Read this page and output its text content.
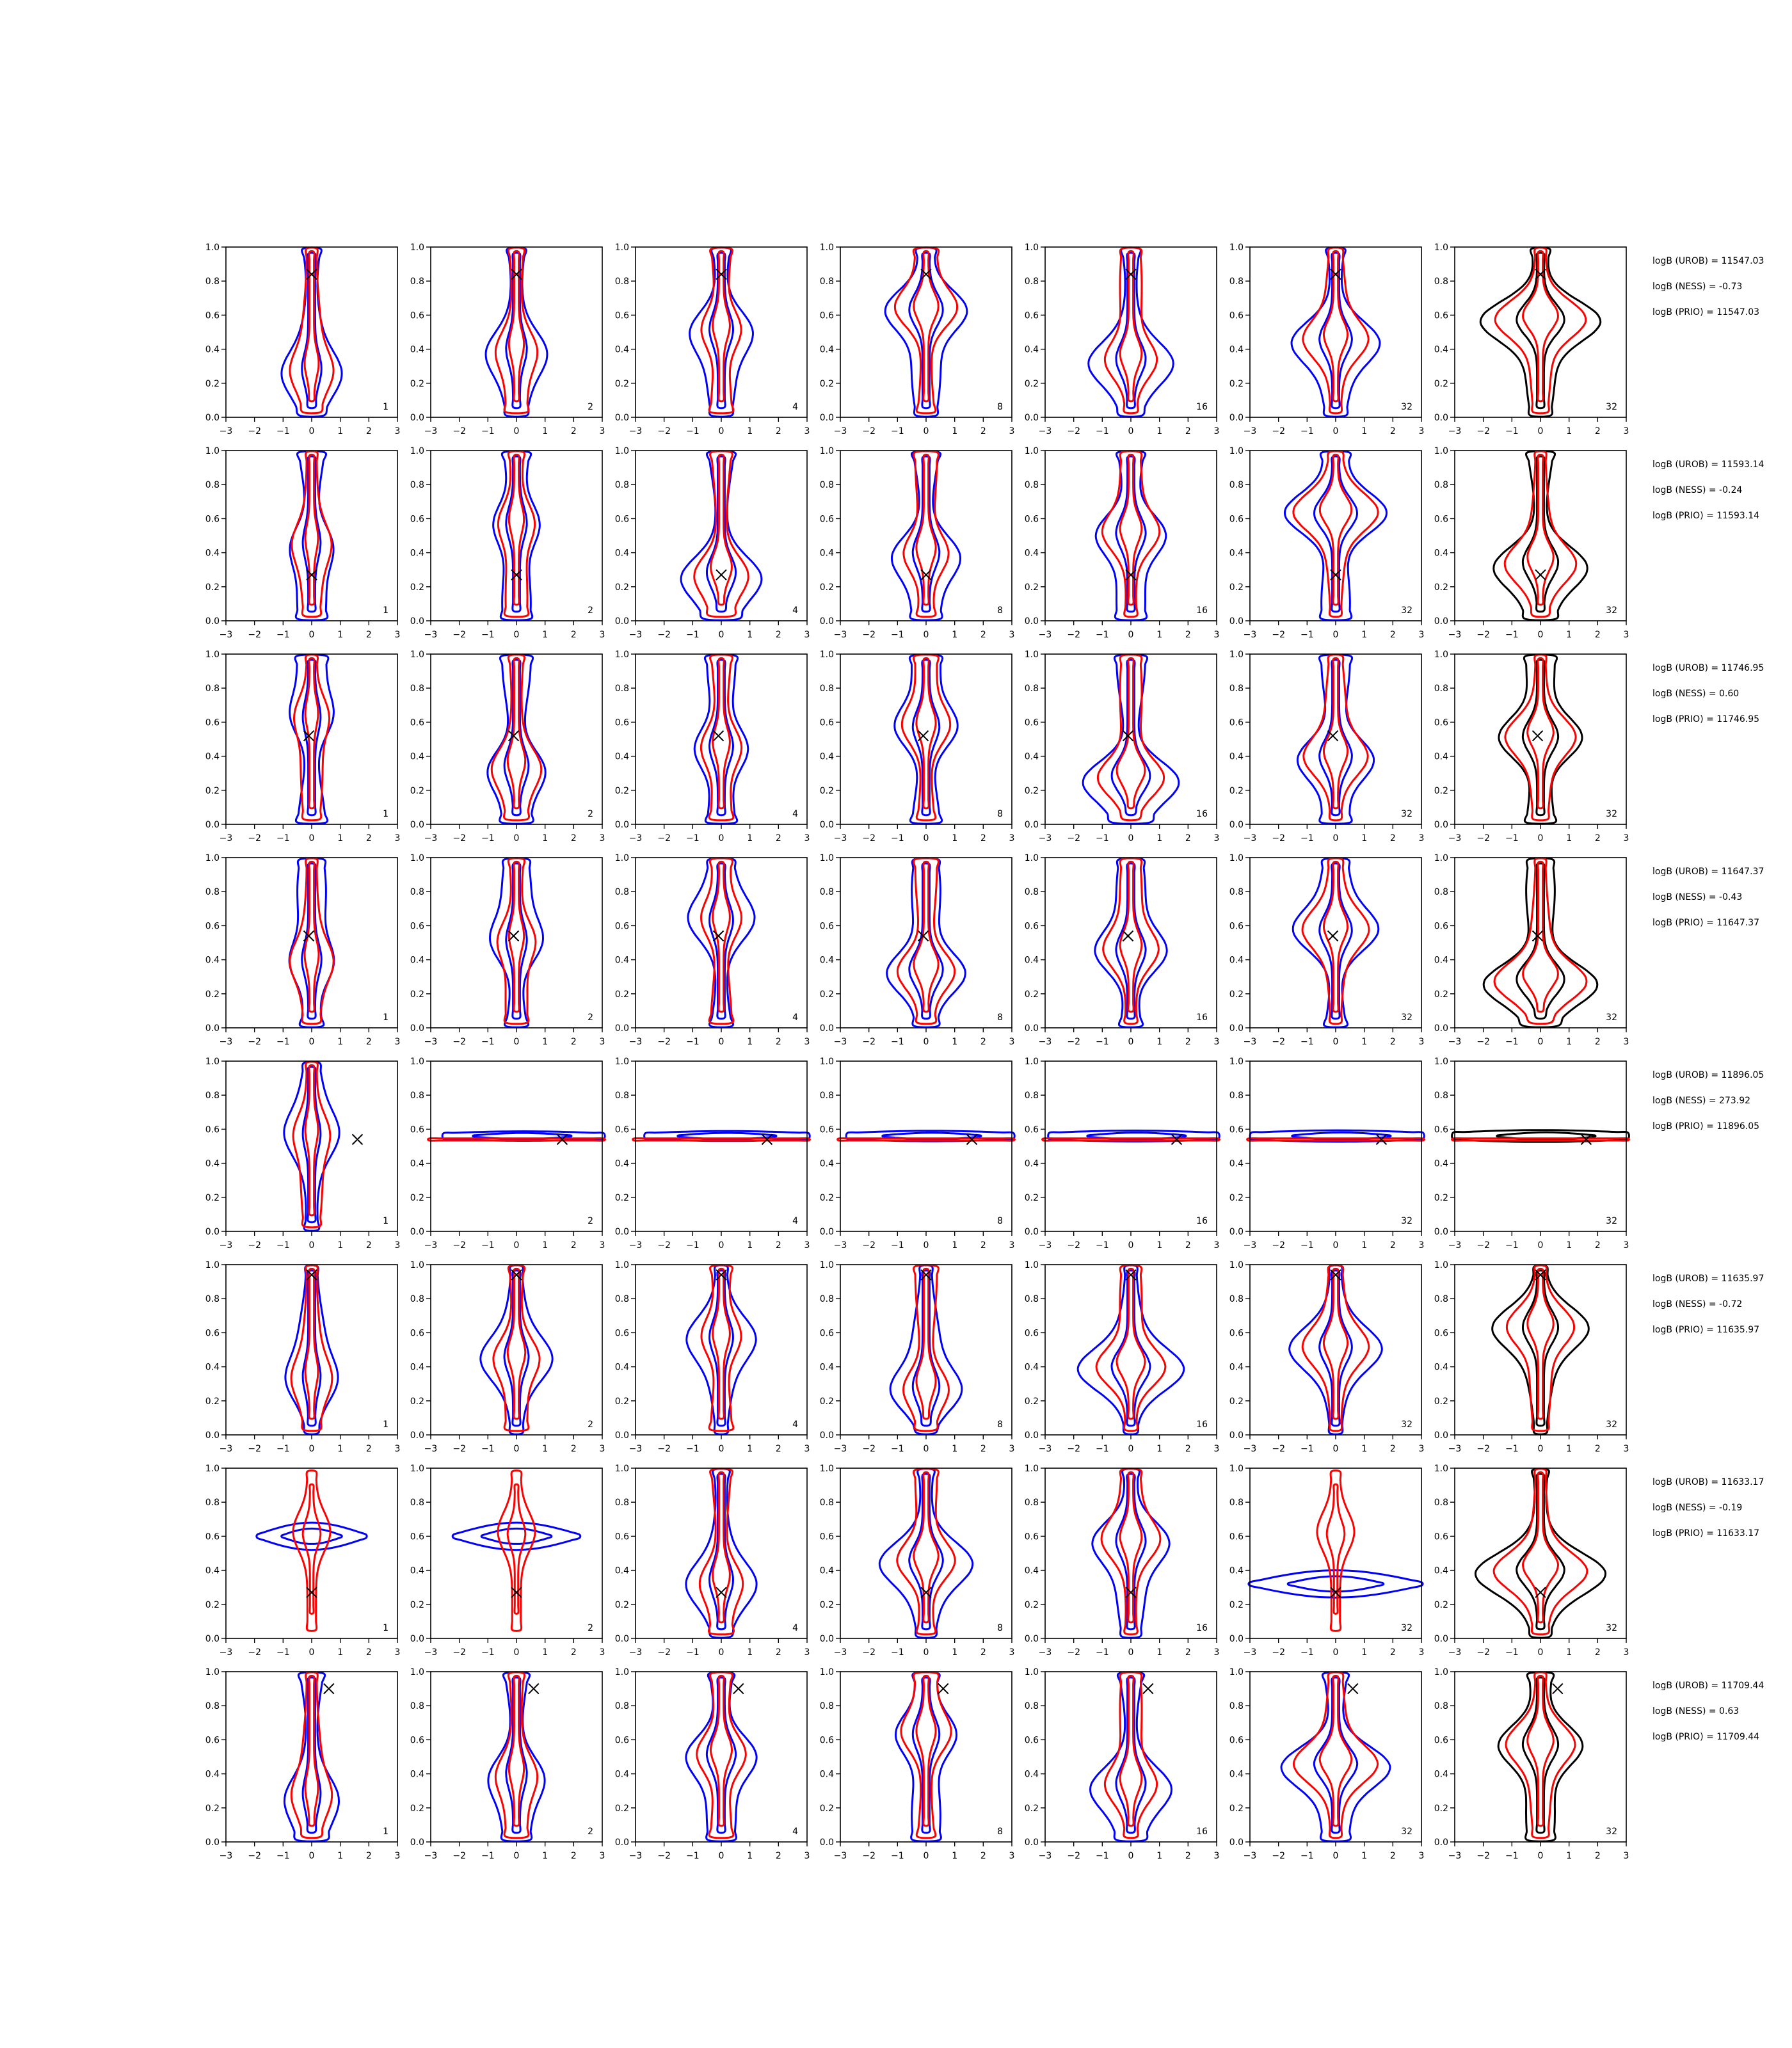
−3 −2 −1 0	1	2	3
0.0
0.2
0.4
0.6
0.8
1.0
1
−3 −2 −1 0	1	2	3
0.0
0.2
0.4
0.6
0.8
1.0
2
−3 −2 −1 0	1	2	3
0.0
0.2
0.4
0.6
0.8
1.0
4
−3 −2 −1 0	1	2	3
0.0
0.2
0.4
0.6
0.8
1.0
8
−3 −2 −1 0	1	2	3
0.0
0.2
0.4
0.6
0.8
1.0
16
−3 −2 −1 0	1	2	3
0.0
0.2
0.4
0.6
0.8
1.0
32
−3 −2 −1 0	1	2	3
0.0
0.2
0.4
0.6
0.8
1.0
32
logB (UROB) = 11547.03
logB (NESS) = -0.73
logB (PRIO) = 11547.03
−3 −2 −1 0	1	2	3
0.0
0.2
0.4
0.6
0.8
1.0
1
−3 −2 −1 0	1	2	3
0.0
0.2
0.4
0.6
0.8
1.0
2
−3 −2 −1 0	1	2	3
0.0
0.2
0.4
0.6
0.8
1.0
4
−3 −2 −1 0	1	2	3
0.0
0.2
0.4
0.6
0.8
1.0
8
−3 −2 −1 0	1	2	3
0.0
0.2
0.4
0.6
0.8
1.0
16
−3 −2 −1 0	1	2	3
0.0
0.2
0.4
0.6
0.8
1.0
32
−3 −2 −1 0	1	2	3
0.0
0.2
0.4
0.6
0.8
1.0
32
logB (UROB) = 11593.14
logB (NESS) = -0.24
logB (PRIO) = 11593.14
−3 −2 −1 0	1	2	3
0.0
0.2
0.4
0.6
0.8
1.0
1
−3 −2 −1 0	1	2	3
0.0
0.2
0.4
0.6
0.8
1.0
2
−3 −2 −1 0	1	2	3
0.0
0.2
0.4
0.6
0.8
1.0
4
−3 −2 −1 0	1	2	3
0.0
0.2
0.4
0.6
0.8
1.0
8
−3 −2 −1 0	1	2	3
0.0
0.2
0.4
0.6
0.8
1.0
16
−3 −2 −1 0	1	2	3
0.0
0.2
0.4
0.6
0.8
1.0
32
−3 −2 −1 0	1	2	3
0.0
0.2
0.4
0.6
0.8
1.0
32
logB (UROB) = 11746.95
logB (NESS) = 0.60
logB (PRIO) = 11746.95
−3 −2 −1 0	1	2	3
0.0
0.2
0.4
0.6
0.8
1.0
1
−3 −2 −1 0	1	2	3
0.0
0.2
0.4
0.6
0.8
1.0
2
−3 −2 −1 0	1	2	3
0.0
0.2
0.4
0.6
0.8
1.0
4
−3 −2 −1 0	1	2	3
0.0
0.2
0.4
0.6
0.8
1.0
8
−3 −2 −1 0	1	2	3
0.0
0.2
0.4
0.6
0.8
1.0
16
−3 −2 −1 0	1	2	3
0.0
0.2
0.4
0.6
0.8
1.0
32
−3 −2 −1 0	1	2	3
0.0
0.2
0.4
0.6
0.8
1.0
32
logB (UROB) = 11647.37
logB (NESS) = -0.43
logB (PRIO) = 11647.37
−3 −2 −1 0	1	2	3
0.0
0.2
0.4
0.6
0.8
1.0
1
−3 −2 −1 0	1	2	3
0.0
0.2
0.4
0.6
0.8
1.0
2
−3 −2 −1 0	1	2	3
0.0
0.2
0.4
0.6
0.8
1.0
4
−3 −2 −1 0	1	2	3
0.0
0.2
0.4
0.6
0.8
1.0
8
−3 −2 −1 0	1	2	3
0.0
0.2
0.4
0.6
0.8
1.0
16
−3 −2 −1 0	1	2	3
0.0
0.2
0.4
0.6
0.8
1.0
32
−3 −2 −1 0	1	2	3
0.0
0.2
0.4
0.6
0.8
1.0
32
logB (UROB) = 11896.05
logB (NESS) = 273.92
logB (PRIO) = 11896.05
−3 −2 −1 0	1	2	3
0.0
0.2
0.4
0.6
0.8
1.0
1
−3 −2 −1 0	1	2	3
0.0
0.2
0.4
0.6
0.8
1.0
2
−3 −2 −1 0	1	2	3
0.0
0.2
0.4
0.6
0.8
1.0
4
−3 −2 −1 0	1	2	3
0.0
0.2
0.4
0.6
0.8
1.0
8
−3 −2 −1 0	1	2	3
0.0
0.2
0.4
0.6
0.8
1.0
16
−3 −2 −1 0	1	2	3
0.0
0.2
0.4
0.6
0.8
1.0
32
−3 −2 −1 0	1	2	3
0.0
0.2
0.4
0.6
0.8
1.0
32
logB (UROB) = 11635.97
logB (NESS) = -0.72
logB (PRIO) = 11635.97
−3 −2 −1 0	1	2	3
0.0
0.2
0.4
0.6
0.8
1.0
1
−3 −2 −1 0	1	2	3
0.0
0.2
0.4
0.6
0.8
1.0
2
−3 −2 −1 0	1	2	3
0.0
0.2
0.4
0.6
0.8
1.0
4
−3 −2 −1 0	1	2	3
0.0
0.2
0.4
0.6
0.8
1.0
8
−3 −2 −1 0	1	2	3
0.0
0.2
0.4
0.6
0.8
1.0
16
−3 −2 −1 0	1	2	3
0.0
0.2
0.4
0.6
0.8
1.0
32
−3 −2 −1 0	1	2	3
0.0
0.2
0.4
0.6
0.8
1.0
32
logB (UROB) = 11633.17
logB (NESS) = -0.19
logB (PRIO) = 11633.17
−3 −2 −1 0	1	2	3
0.0
0.2
0.4
0.6
0.8
1.0
1
−3 −2 −1 0	1	2	3
0.0
0.2
0.4
0.6
0.8
1.0
2
−3 −2 −1 0	1	2	3
0.0
0.2
0.4
0.6
0.8
1.0
4
−3 −2 −1 0	1	2	3
0.0
0.2
0.4
0.6
0.8
1.0
8
−3 −2 −1 0	1	2	3
0.0
0.2
0.4
0.6
0.8
1.0
16
−3 −2 −1 0	1	2	3
0.0
0.2
0.4
0.6
0.8
1.0
32
−3 −2 −1 0	1	2	3
0.0
0.2
0.4
0.6
0.8
1.0
32
logB (UROB) = 11709.44
logB (NESS) = 0.63
logB (PRIO) = 11709.44
